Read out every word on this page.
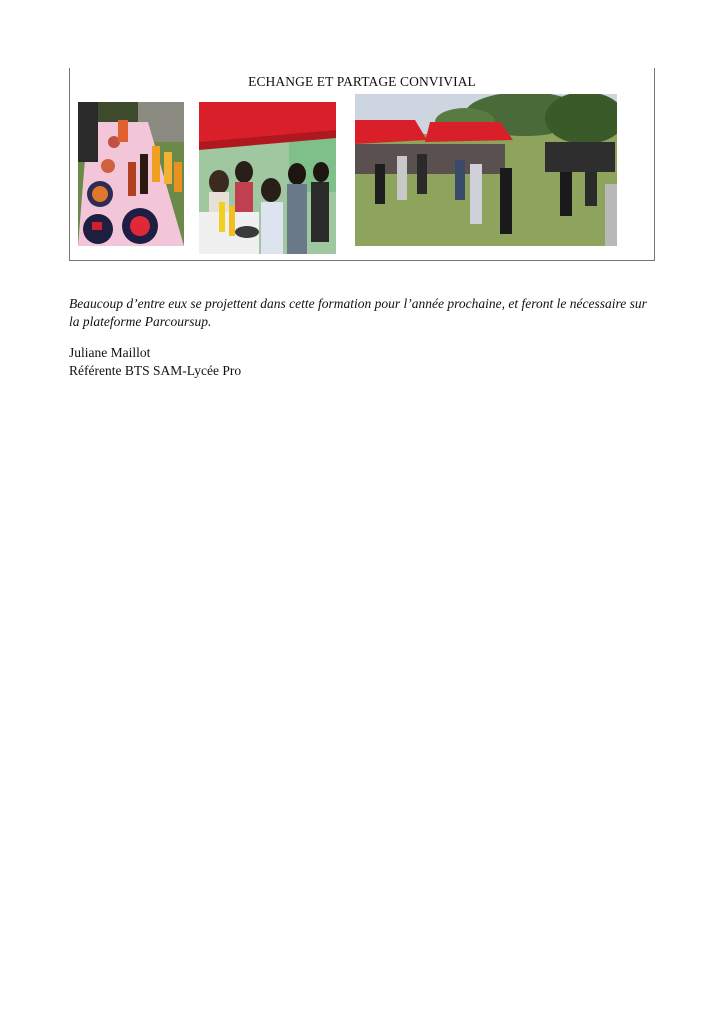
ECHANGE ET PARTAGE CONVIVIAL
Beaucoup d’entre eux se projettent dans cette formation pour l’année prochaine, et feront le nécessaire sur la plateforme Parcoursup.
Juliane Maillot
Référente BTS SAM-Lycée Pro
